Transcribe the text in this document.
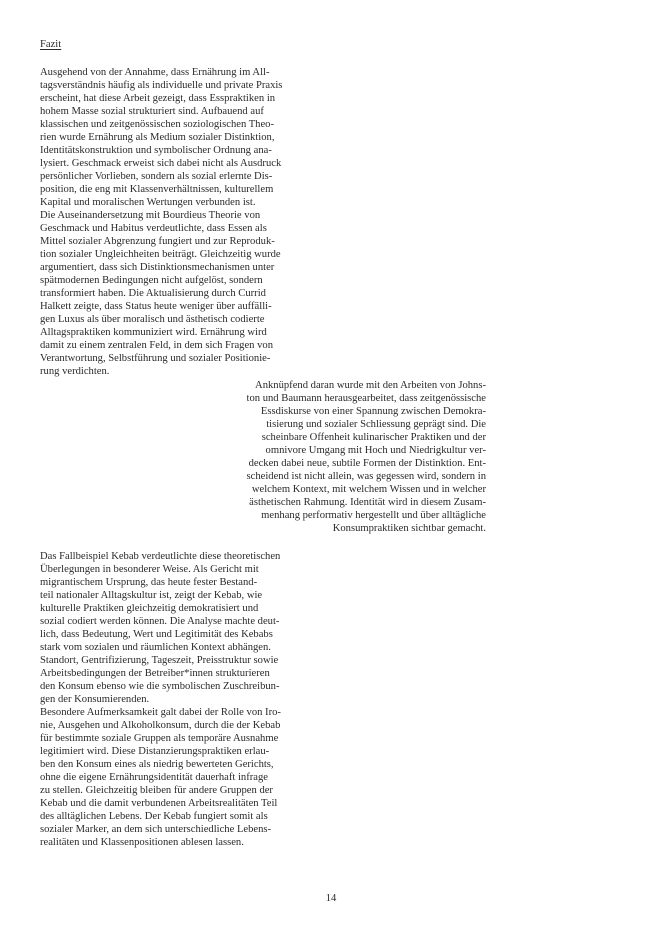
Fazit
Ausgehend von der Annahme, dass Ernährung im All-
tagsverständnis häufig als individuelle und private Praxis
erscheint, hat diese Arbeit gezeigt, dass Esspraktiken in
hohem Masse sozial strukturiert sind. Aufbauend auf
klassischen und zeitgenössischen soziologischen Theo-
rien wurde Ernährung als Medium sozialer Distinktion,
Identitätskonstruktion und symbolischer Ordnung ana-
lysiert. Geschmack erweist sich dabei nicht als Ausdruck
persönlicher Vorlieben, sondern als sozial erlernte Dis-
position, die eng mit Klassenverhältnissen, kulturellem
Kapital und moralischen Wertungen verbunden ist.
Die Auseinandersetzung mit Bourdieus Theorie von
Geschmack und Habitus verdeutlichte, dass Essen als
Mittel sozialer Abgrenzung fungiert und zur Reproduk-
tion sozialer Ungleichheiten beiträgt. Gleichzeitig wurde
argumentiert, dass sich Distinktionsmechanismen unter
spätmodernen Bedingungen nicht aufgelöst, sondern
transformiert haben. Die Aktualisierung durch Currid
Halkett zeigte, dass Status heute weniger über auffälli-
gen Luxus als über moralisch und ästhetisch codierte
Alltagspraktiken kommuniziert wird. Ernährung wird
damit zu einem zentralen Feld, in dem sich Fragen von
Verantwortung, Selbstführung und sozialer Positionie-
rung verdichten.
Anknüpfend daran wurde mit den Arbeiten von Johns-
ton und Baumann herausgearbeitet, dass zeitgenössische
Essdiskurse von einer Spannung zwischen Demokra-
tisierung und sozialer Schliessung geprägt sind. Die
scheinbare Offenheit kulinarischer Praktiken und der
omnivore Umgang mit Hoch und Niedrigkultur ver-
decken dabei neue, subtile Formen der Distinktion. Ent-
scheidend ist nicht allein, was gegessen wird, sondern in
welchem Kontext, mit welchem Wissen und in welcher
ästhetischen Rahmung. Identität wird in diesem Zusam-
menhang performativ hergestellt und über alltägliche
Konsumpraktiken sichtbar gemacht.
Das Fallbeispiel Kebab verdeutlichte diese theoretischen
Überlegungen in besonderer Weise. Als Gericht mit
migrantischem Ursprung, das heute fester Bestand-
teil nationaler Alltagskultur ist, zeigt der Kebab, wie
kulturelle Praktiken gleichzeitig demokratisiert und
sozial codiert werden können. Die Analyse machte deut-
lich, dass Bedeutung, Wert und Legitimität des Kebabs
stark vom sozialen und räumlichen Kontext abhängen.
Standort, Gentrifizierung, Tageszeit, Preisstruktur sowie
Arbeitsbedingungen der Betreiber*innen strukturieren
den Konsum ebenso wie die symbolischen Zuschreibun-
gen der Konsumierenden.
Besondere Aufmerksamkeit galt dabei der Rolle von Iro-
nie, Ausgehen und Alkoholkonsum, durch die der Kebab
für bestimmte soziale Gruppen als temporäre Ausnahme
legitimiert wird. Diese Distanzierungspraktiken erlau-
ben den Konsum eines als niedrig bewerteten Gerichts,
ohne die eigene Ernährungsidentität dauerhaft infrage
zu stellen. Gleichzeitig bleiben für andere Gruppen der
Kebab und die damit verbundenen Arbeitsrealitäten Teil
des alltäglichen Lebens. Der Kebab fungiert somit als
sozialer Marker, an dem sich unterschiedliche Lebens-
realitäten und Klassenpositionen ablesen lassen.
14
